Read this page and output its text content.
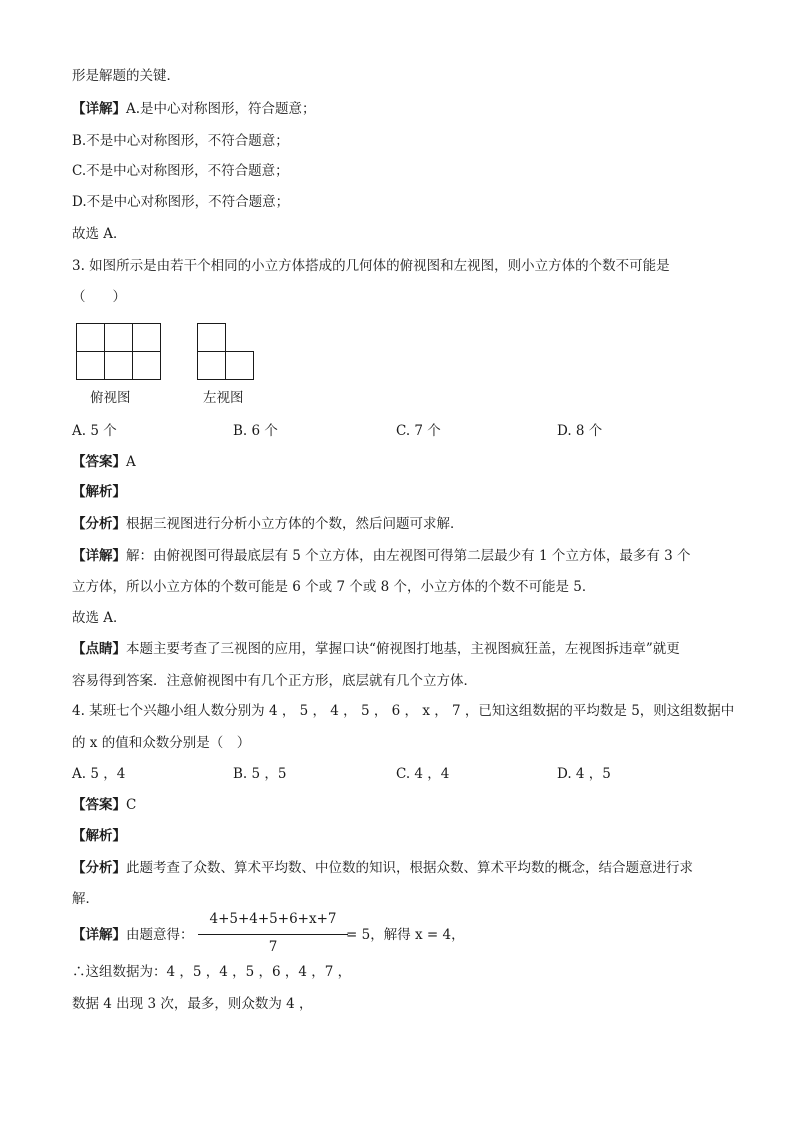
形是解题的关键．
【详解】A.是中心对称图形，符合题意；
B.不是中心对称图形，不符合题意；
C.不是中心对称图形，不符合题意；
D.不是中心对称图形，不符合题意；
故选 A．
3. 如图所示是由若干个相同的小立方体搭成的几何体的俯视图和左视图，则小立方体的个数不可能是
（　　）
俯视图	左视图
A. 5 个	B. 6 个	C. 7 个	D. 8 个
【答案】A
【解析】
【分析】根据三视图进行分析小立方体的个数，然后问题可求解．
【详解】解：由俯视图可得最底层有 5 个立方体，由左视图可得第二层最少有 1 个立方体，最多有 3 个
立方体，所以小立方体的个数可能是 6 个或 7 个或 8 个，小立方体的个数不可能是 5．
故选 A．
【点睛】本题主要考查了三视图的应用，掌握口诀“俯视图打地基，主视图疯狂盖，左视图拆违章”就更
容易得到答案．注意俯视图中有几个正方形，底层就有几个立方体．
4. 某班七个兴趣小组人数分别为 4 ， 5 ， 4 ， 5 ， 6 ， x ， 7 ，已知这组数据的平均数是 5，则这组数据中
的 x 的值和众数分别是（　）
A. 5 ，4	B. 5 ，5	C. 4 ，4	D. 4 ，5
【答案】C
【解析】
【分析】此题考查了众数、算术平均数、中位数的知识，根据众数、算术平均数的概念，结合题意进行求
解．
【详解】由题意得：
4+5+4+5+6+x+7
7
= 5，解得 x = 4，
∴这组数据为：4 ，5 ，4 ，5 ，6 ，4 ，7 ，
数据 4 出现 3 次，最多，则众数为 4 ，
